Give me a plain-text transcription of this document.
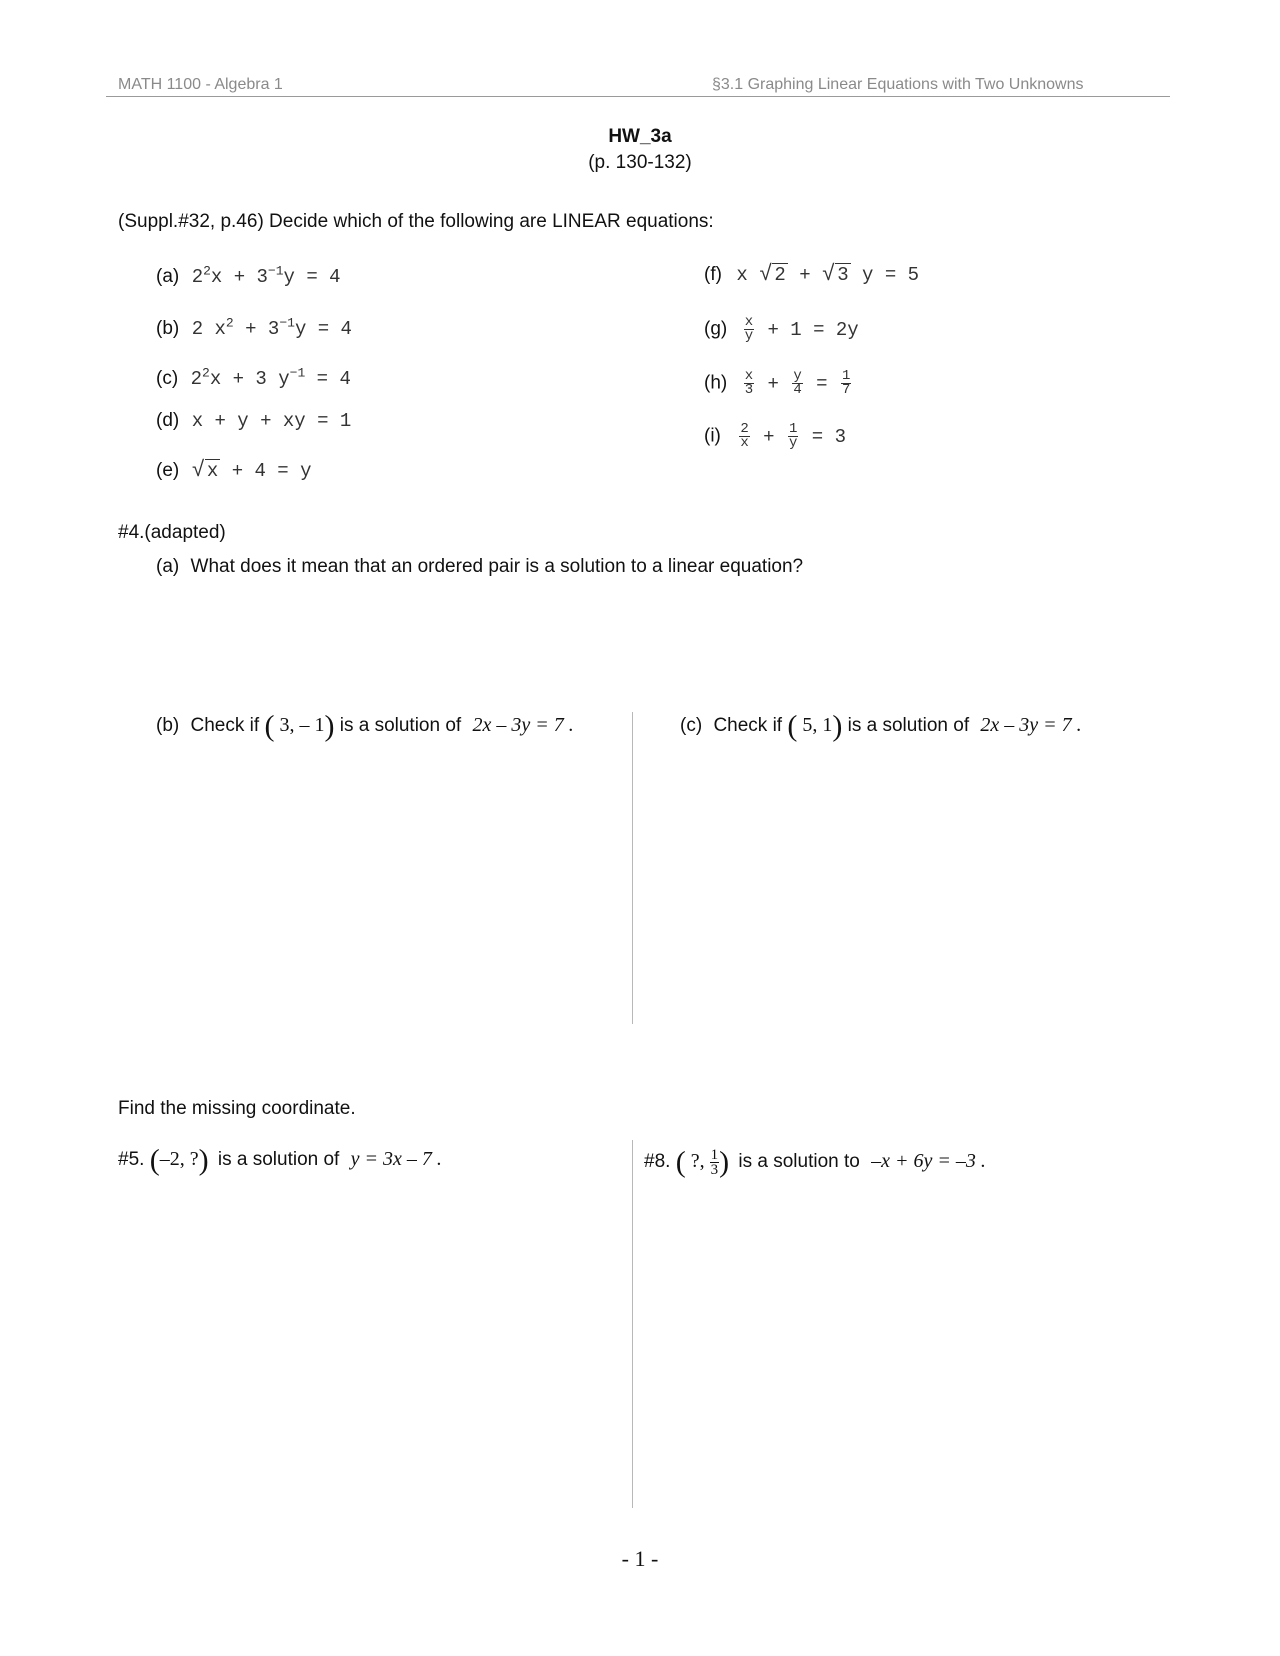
MATH 1100 - Algebra 1	§3.1 Graphing Linear Equations with Two Unknowns
HW_3a
(p. 130-132)
(Suppl.#32, p.46) Decide which of the following are LINEAR equations:
(a) $2^2x + 3^{-1}y = 4$
(b) 2 $x^2 + 3^{-1}y = 4$
(c) $2^2x + 3$ $y^{-1} = 4$
(d) x + y + xy = 1
(e) √ x + 4 = y
(f) x √ 2 + √ 3 y = 5
$(g) \frac{x}{y} + 1 = 2y$
$(h) \frac{x}{3} + \frac{y}{4} = \frac{1}{7}$
$(i) \frac{2}{x} + \frac{1}{y} = 3$
#4.(adapted)
(a) What does it mean that an ordered pair is a solution to a linear equation?
(b) Check if ( 3, – 1) is a solution of 2x – 3y = 7 .	(c) Check if ( 5, 1) is a solution of 2x – 3y = 7 .
Find the missing coordinate.
#5. (–2, ?) is a solution of y = 3x – 7 .	#8. ( ?, $\frac{1}{3}$ ) is a solution to –x + 6y = –3 .
- 1 -
